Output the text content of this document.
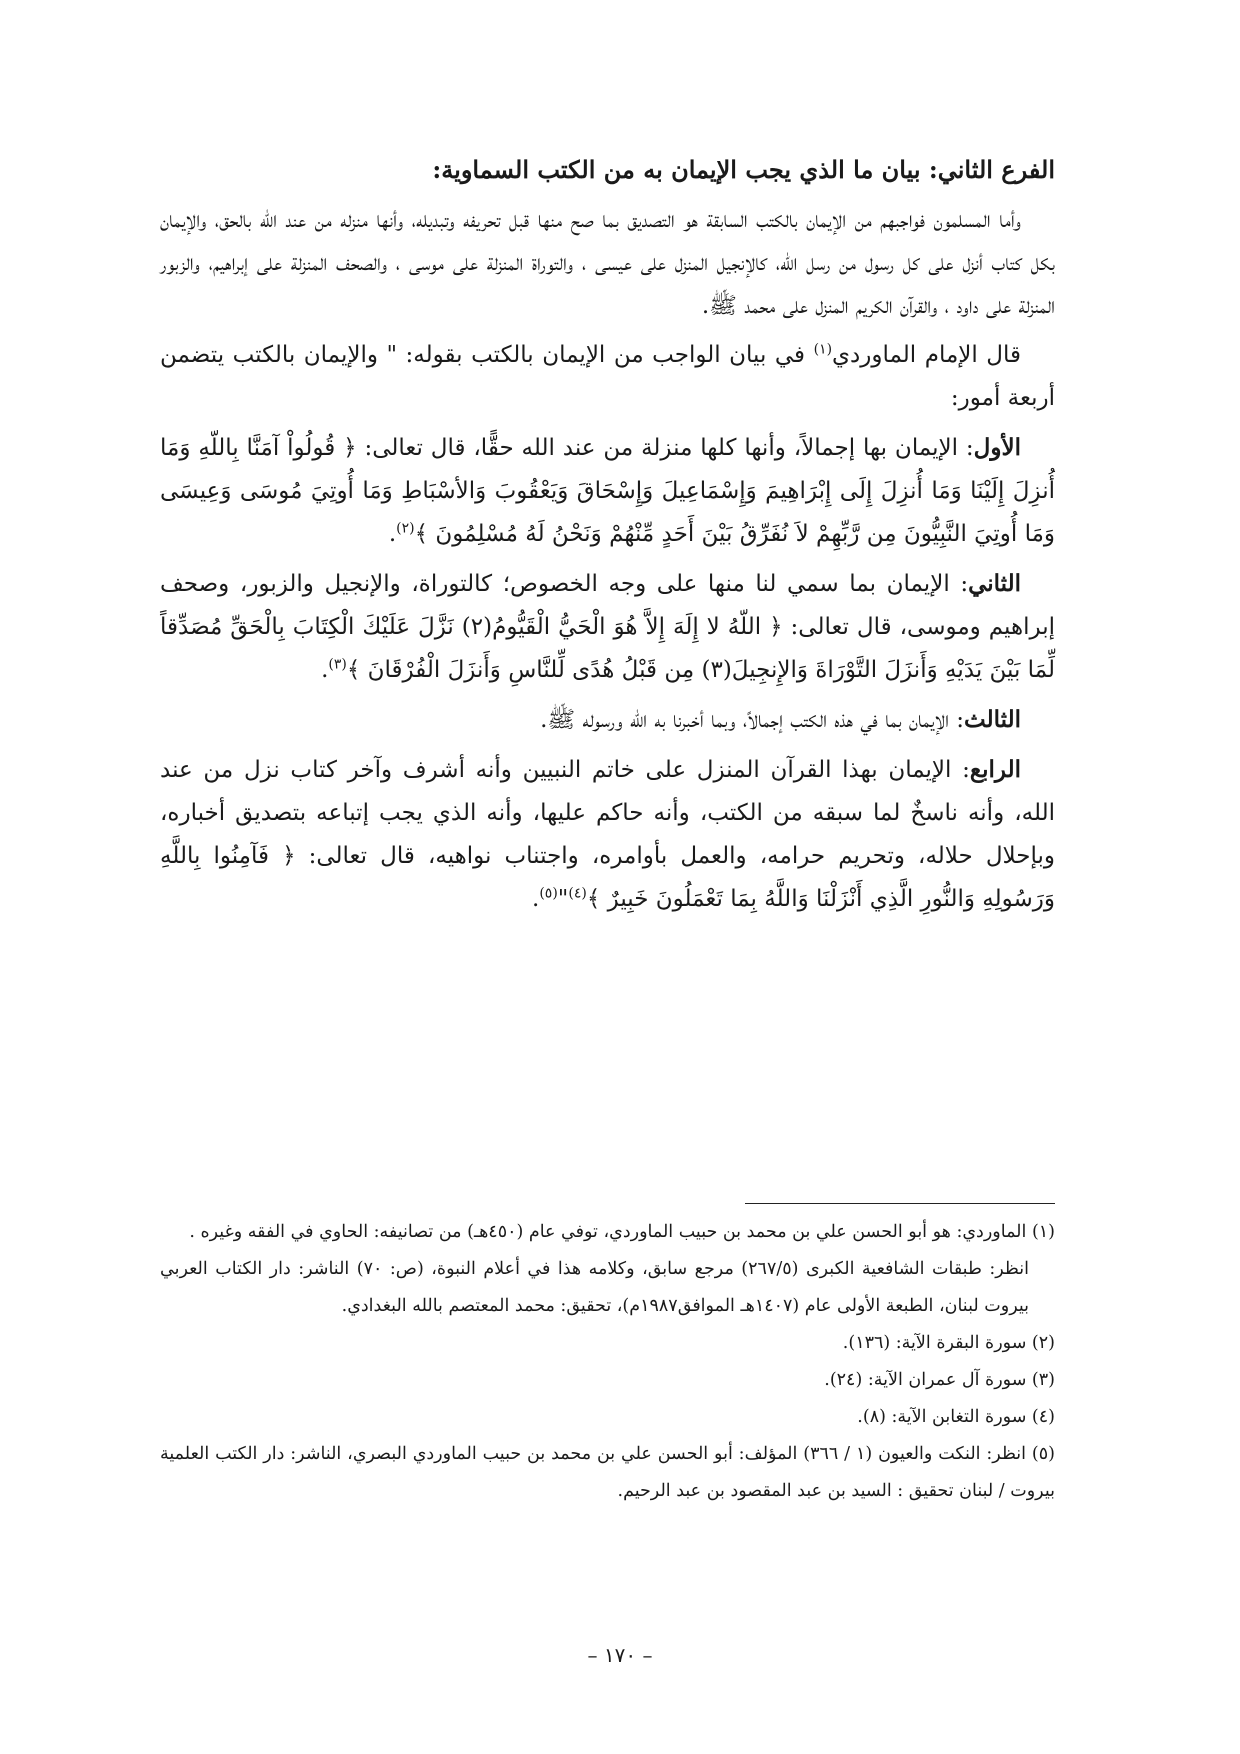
الفرع الثاني: بيان ما الذي يجب الإيمان به من الكتب السماوية:

وأما المسلمون فواجبهم من الإيمان بالكتب السابقة هو التصديق بما صح منها قبل تحريفه وتبديله، وأنها منزله من عند الله بالحق، والإيمان بكل كتاب أنزل على كل رسول من رسل الله، كالإنجيل المنزل على عيسى ، والتوراة المنزلة على موسى ، والصحف المنزلة على إبراهيم، والزبور المنزلة على داود ، والقرآن الكريم المنزل على محمد ﷺ.

قال الإمام الماوردي$^{(١)}$ في بيان الواجب من الإيمان بالكتب بقوله: " والإيمان بالكتب يتضمن أربعة أمور:

الأول: الإيمان بها إجمالاً، وأنها كلها منزلة من عند الله حقًّا، قال تعالى: ﴿ قُولُواْ آمَنَّا بِاللّهِ وَمَا أُنزِلَ إِلَيْنَا وَمَا أُنزِلَ إِلَى إِبْرَاهِيمَ وَإِسْمَاعِيلَ وَإِسْحَاقَ وَيَعْقُوبَ وَالأسْبَاطِ وَمَا أُوتِيَ مُوسَى وَعِيسَى وَمَا أُوتِيَ النَّبِيُّونَ مِن رَّبِّهِمْ لاَ نُفَرِّقُ بَيْنَ أَحَدٍ مِّنْهُمْ وَنَحْنُ لَهُ مُسْلِمُونَ ﴾$^{(٢)}$.

الثاني: الإيمان بما سمي لنا منها على وجه الخصوص؛ كالتوراة، والإنجيل والزبور، وصحف إبراهيم وموسى، قال تعالى: ﴿ اللّهُ لا إِلَهَ إِلاَّ هُوَ الْحَيُّ الْقَيُّومُ(٢) نَزَّلَ عَلَيْكَ الْكِتَابَ بِالْحَقِّ مُصَدِّقاً لِّمَا بَيْنَ يَدَيْهِ وَأَنزَلَ التَّوْرَاةَ وَالإِنجِيلَ(٣) مِن قَبْلُ هُدًى لِّلنَّاسِ وَأَنزَلَ الْفُرْقَانَ ﴾$^{(٣)}$.

الثالث: الإيمان بما في هذه الكتب إجمالاً، وبما أخبرنا به الله ورسوله ﷺ.

الرابع: الإيمان بهذا القرآن المنزل على خاتم النبيين وأنه أشرف وآخر كتاب نزل من عند الله، وأنه ناسخٌ لما سبقه من الكتب، وأنه حاكم عليها، وأنه الذي يجب إتباعه بتصديق أخباره، وبإحلال حلاله، وتحريم حرامه، والعمل بأوامره، واجتناب نواهيه، قال تعالى: ﴿ فَآمِنُوا بِاللَّهِ وَرَسُولِهِ وَالنُّورِ الَّذِي أَنْزَلْنَا وَاللَّهُ بِمَا تَعْمَلُونَ خَبِيرٌ ﴾$^{(٤)}$"$^{(٥)}$.

(١) الماوردي: هو أبو الحسن علي بن محمد بن حبيب الماوردي، توفي عام (٤٥٠هـ) من تصانيفه: الحاوي في الفقه وغيره .

انظر: طبقات الشافعية الكبرى (٢٦٧/٥) مرجع سابق، وكلامه هذا في أعلام النبوة، (ص: ٧٠) الناشر: دار الكتاب العربي بيروت لبنان، الطبعة الأولى عام (١٤٠٧هـ الموافق١٩٨٧م)، تحقيق: محمد المعتصم بالله البغدادي.

(٢) سورة البقرة الآية: (١٣٦).

(٣) سورة آل عمران الآية: (٢٤).

(٤) سورة التغابن الآية: (٨).

(٥) انظر: النكت والعيون (١ / ٣٦٦) المؤلف: أبو الحسن علي بن محمد بن حبيب الماوردي البصري، الناشر: دار الكتب العلمية بيروت / لبنان تحقيق : السيد بن عبد المقصود بن عبد الرحيم.

– ١٧٠ –
